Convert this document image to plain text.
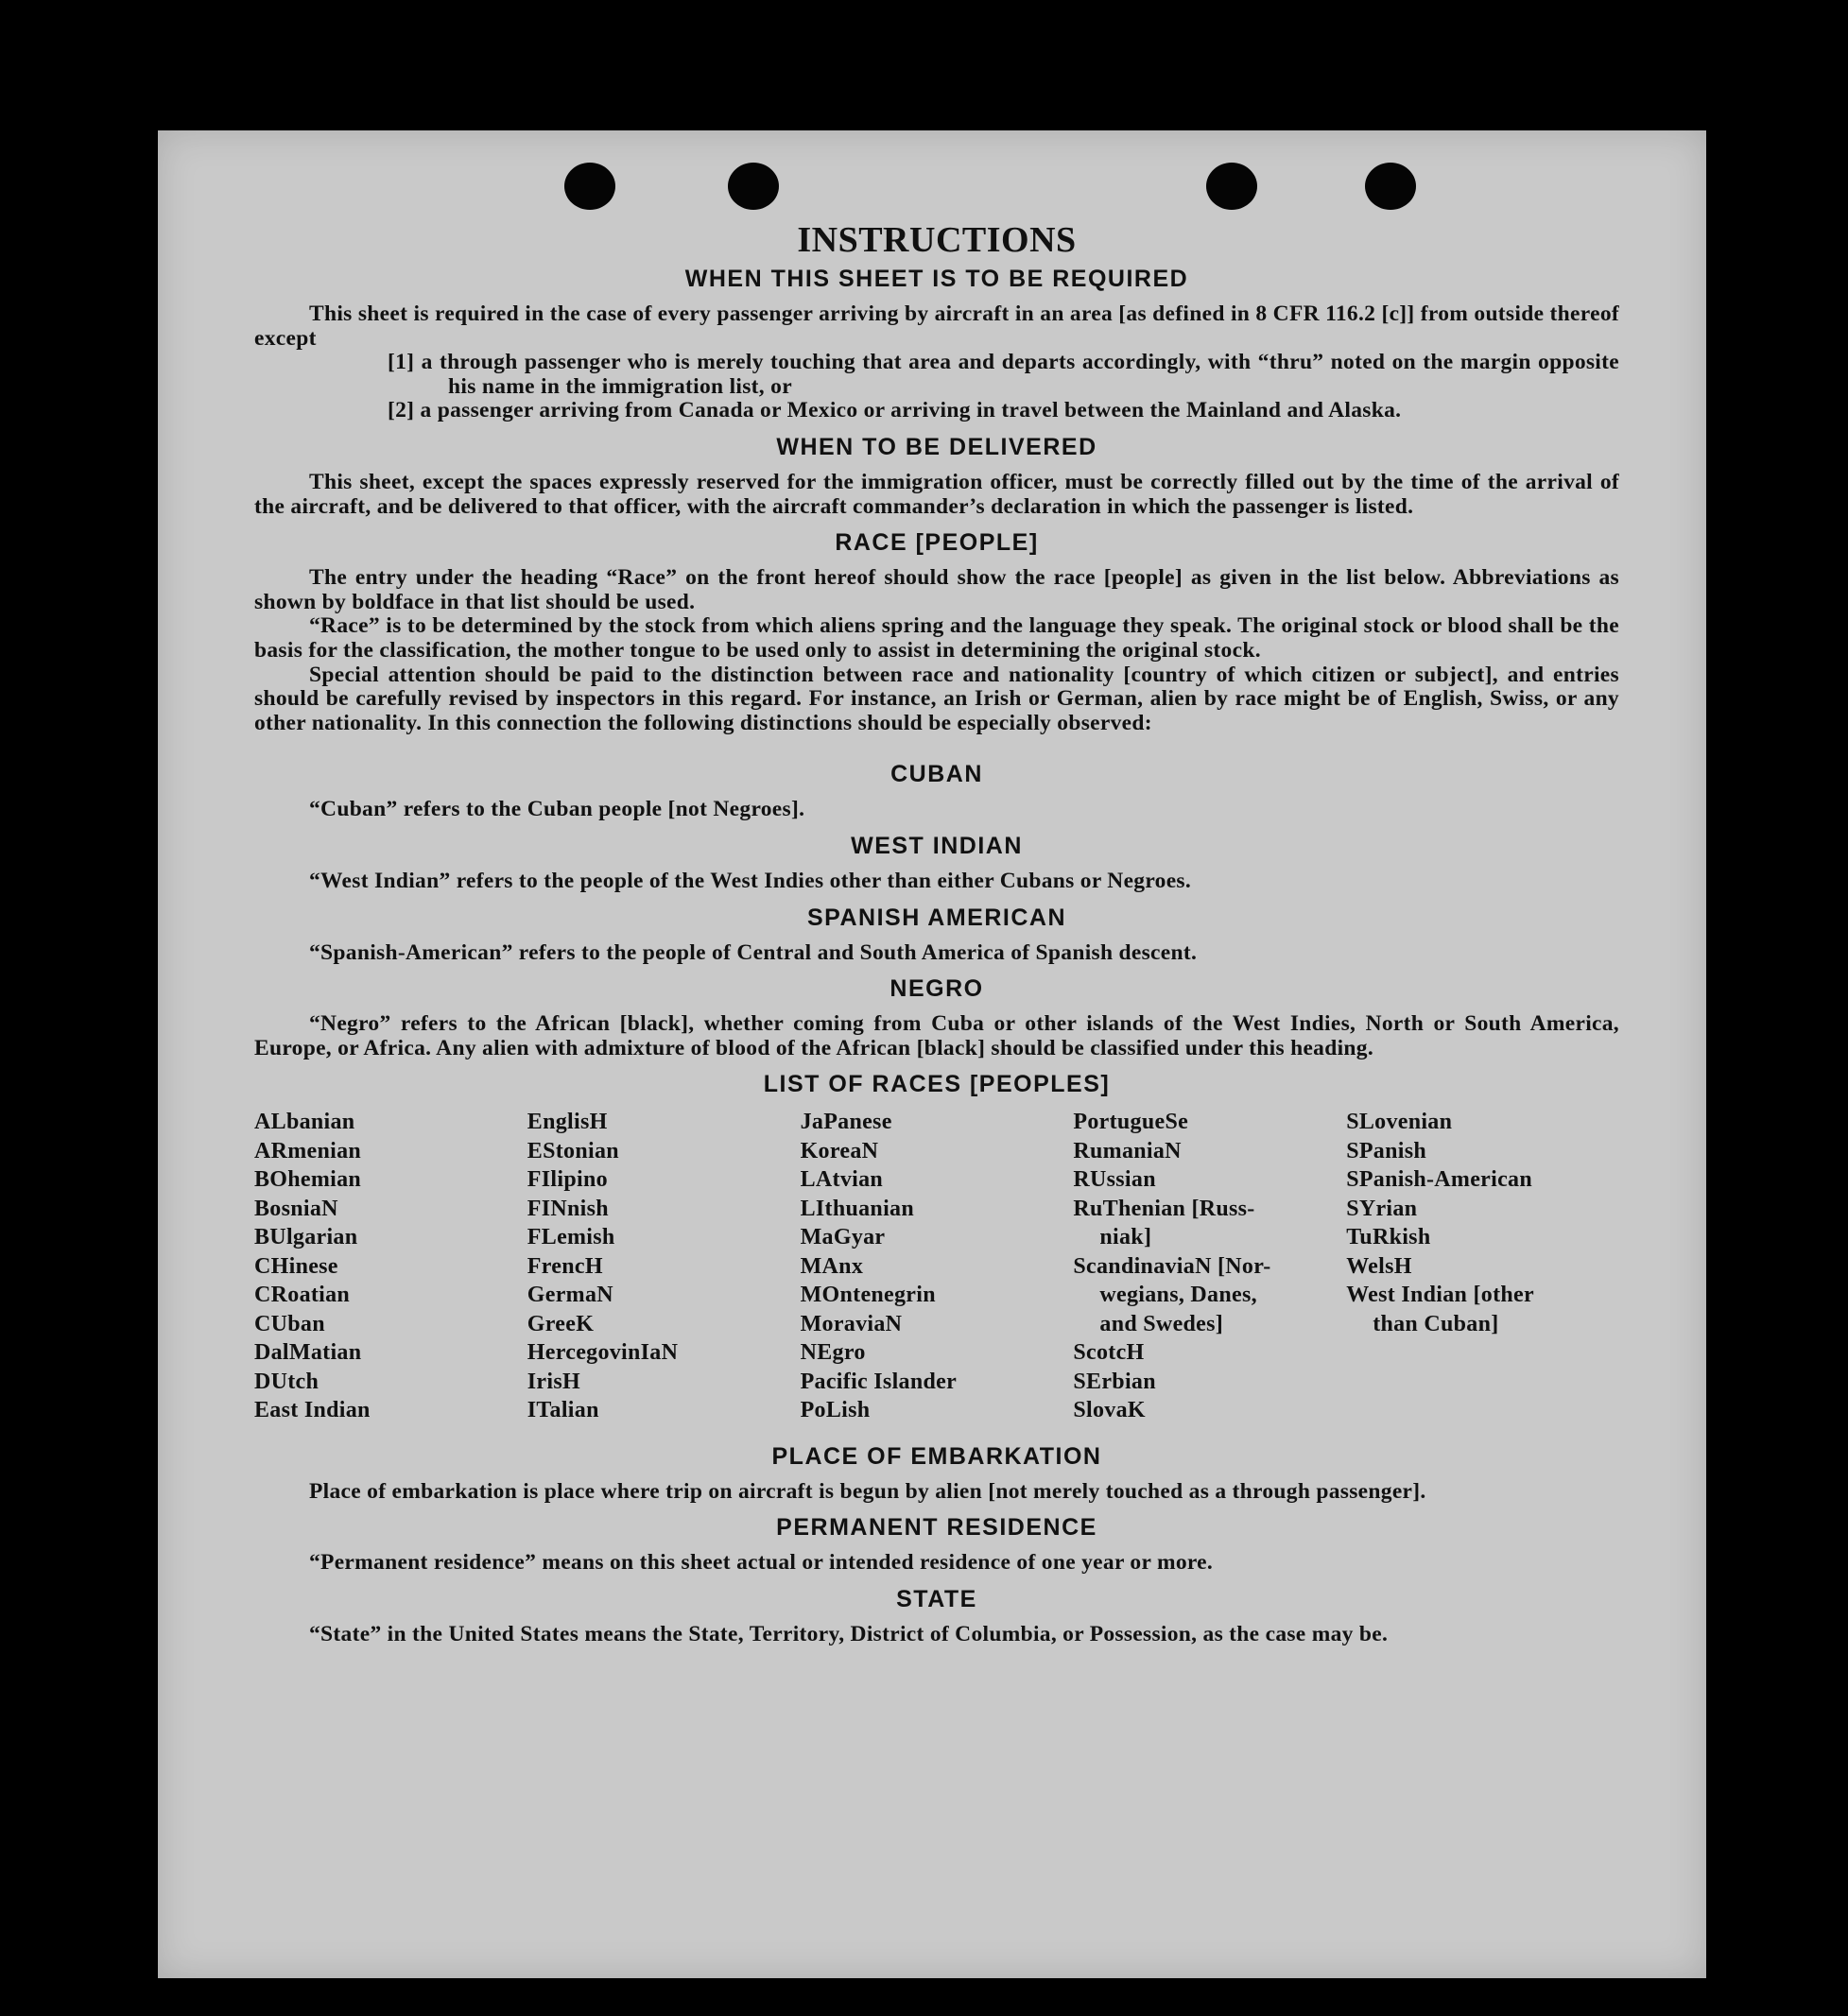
INSTRUCTIONS
WHEN THIS SHEET IS TO BE REQUIRED

This sheet is required in the case of every passenger arriving by aircraft in an area [as defined in 8 CFR 116.2 [c]] from outside thereof except

[1] a through passenger who is merely touching that area and departs accordingly, with “thru” noted on the margin opposite his name in the immigration list, or

[2] a passenger arriving from Canada or Mexico or arriving in travel between the Mainland and Alaska.

WHEN TO BE DELIVERED

This sheet, except the spaces expressly reserved for the immigration officer, must be correctly filled out by the time of the arrival of the aircraft, and be delivered to that officer, with the aircraft commander’s declaration in which the passenger is listed.

RACE [PEOPLE]

The entry under the heading “Race” on the front hereof should show the race [people] as given in the list below. Abbreviations as shown by boldface in that list should be used.

“Race” is to be determined by the stock from which aliens spring and the language they speak. The original stock or blood shall be the basis for the classification, the mother tongue to be used only to assist in determining the original stock.

Special attention should be paid to the distinction between race and nationality [country of which citizen or subject], and entries should be carefully revised by inspectors in this regard. For instance, an Irish or German, alien by race might be of English, Swiss, or any other nationality. In this connection the following distinctions should be especially observed:

CUBAN

“Cuban” refers to the Cuban people [not Negroes].

WEST INDIAN

“West Indian” refers to the people of the West Indies other than either Cubans or Negroes.

SPANISH AMERICAN

“Spanish-American” refers to the people of Central and South America of Spanish descent.

NEGRO

“Negro” refers to the African [black], whether coming from Cuba or other islands of the West Indies, North or South America, Europe, or Africa. Any alien with admixture of blood of the African [black] should be classified under this heading.

LIST OF RACES [PEOPLES]
ALbanian
ARmenian
BOhemian
BosniaN
BUlgarian
CHinese
CRoatian
CUban
DalMatian
DUtch
East Indian
EnglisH
EStonian
FIlipino
FINnish
FLemish
FrencH
GermaN
GreeK
HercegovinIaN
IrisH
ITalian
JaPanese
KoreaN
LAtvian
LIthuanian
MaGyar
MAnx
MOntenegrin
MoraviaN
NEgro
Pacific Islander
PoLish
PortugueSe
RumaniaN
RUssian
RuThenian [Russ-
niak]
ScandinaviaN [Nor-
wegians, Danes,
and Swedes]
ScotcH
SErbian
SlovaK
SLovenian
SPanish
SPanish-American
SYrian
TuRkish
WelsH
West Indian [other
than Cuban]
PLACE OF EMBARKATION

Place of embarkation is place where trip on aircraft is begun by alien [not merely touched as a through passenger].

PERMANENT RESIDENCE

“Permanent residence” means on this sheet actual or intended residence of one year or more.

STATE

“State” in the United States means the State, Territory, District of Columbia, or Possession, as the case may be.
